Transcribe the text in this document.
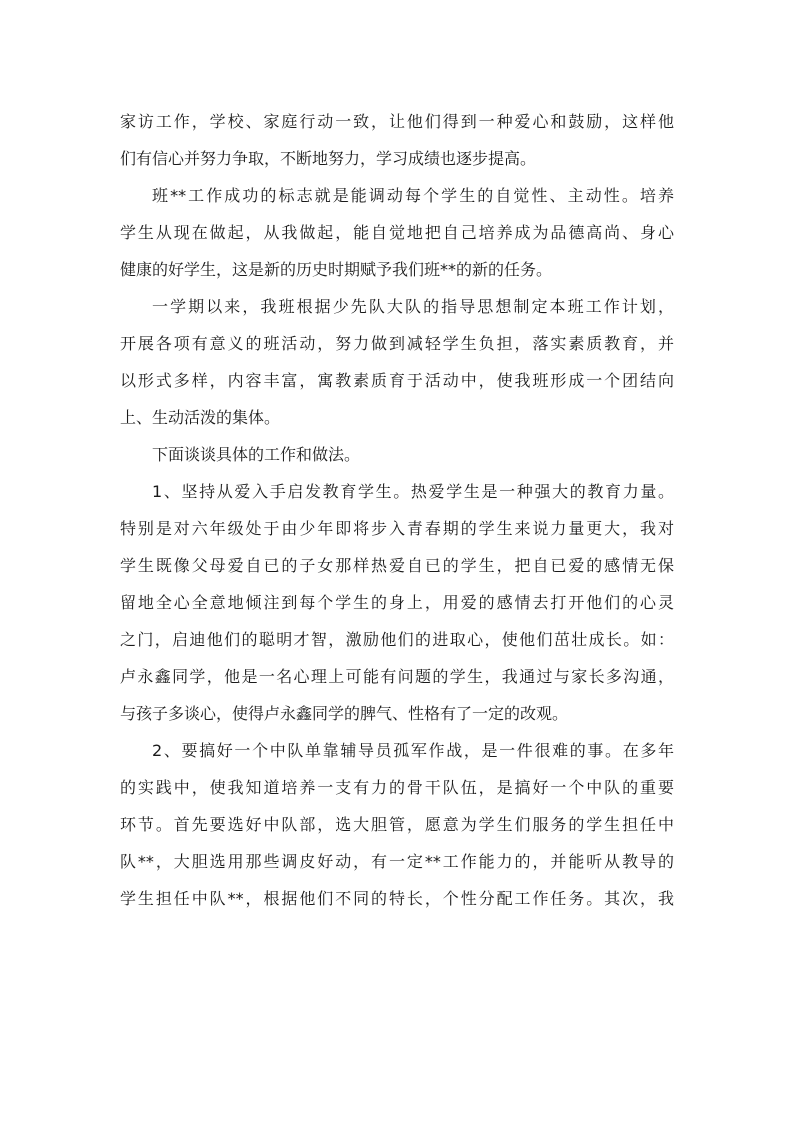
家访工作，学校、家庭行动一致，让他们得到一种爱心和鼓励，这样他
们有信心并努力争取，不断地努力，学习成绩也逐步提高。
班**工作成功的标志就是能调动每个学生的自觉性、主动性。培养
学生从现在做起，从我做起，能自觉地把自己培养成为品德高尚、身心
健康的好学生，这是新的历史时期赋予我们班**的新的任务。
一学期以来，我班根据少先队大队的指导思想制定本班工作计划，
开展各项有意义的班活动，努力做到减轻学生负担，落实素质教育，并
以形式多样，内容丰富，寓教素质育于活动中，使我班形成一个团结向
上、生动活泼的集体。
下面谈谈具体的工作和做法。
1、坚持从爱入手启发教育学生。热爱学生是一种强大的教育力量。
特别是对六年级处于由少年即将步入青春期的学生来说力量更大，我对
学生既像父母爱自已的子女那样热爱自已的学生，把自已爱的感情无保
留地全心全意地倾注到每个学生的身上，用爱的感情去打开他们的心灵
之门，启迪他们的聪明才智，激励他们的进取心，使他们茁壮成长。如：
卢永鑫同学，他是一名心理上可能有问题的学生，我通过与家长多沟通，
与孩子多谈心，使得卢永鑫同学的脾气、性格有了一定的改观。
2、要搞好一个中队单靠辅导员孤军作战，是一件很难的事。在多年
的实践中，使我知道培养一支有力的骨干队伍，是搞好一个中队的重要
环节。首先要选好中队部，选大胆管，愿意为学生们服务的学生担任中
队**，大胆选用那些调皮好动，有一定**工作能力的，并能听从教导的
学生担任中队**，根据他们不同的特长，个性分配工作任务。其次，我
